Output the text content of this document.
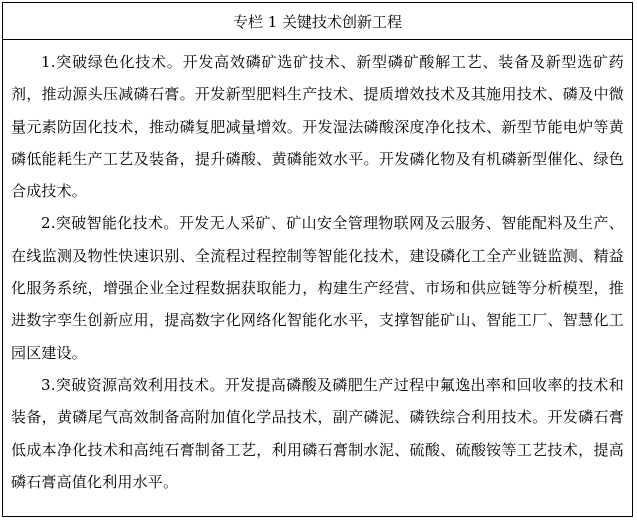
专栏 1 关键技术创新工程

1.突破绿色化技术。开发高效磷矿选矿技术、新型磷矿酸解工艺、装备及新型选矿药剂，推动源头压减磷石膏。开发新型肥料生产技术、提质增效技术及其施用技术、磷及中微量元素防固化技术，推动磷复肥减量增效。开发湿法磷酸深度净化技术、新型节能电炉等黄磷低能耗生产工艺及装备，提升磷酸、黄磷能效水平。开发磷化物及有机磷新型催化、绿色合成技术。

2.突破智能化技术。开发无人采矿、矿山安全管理物联网及云服务、智能配料及生产、在线监测及物性快速识别、全流程过程控制等智能化技术，建设磷化工全产业链监测、精益化服务系统，增强企业全过程数据获取能力，构建生产经营、市场和供应链等分析模型，推进数字孪生创新应用，提高数字化网络化智能化水平，支撑智能矿山、智能工厂、智慧化工园区建设。

3.突破资源高效利用技术。开发提高磷酸及磷肥生产过程中氟逸出率和回收率的技术和装备，黄磷尾气高效制备高附加值化学品技术，副产磷泥、磷铁综合利用技术。开发磷石膏低成本净化技术和高纯石膏制备工艺，利用磷石膏制水泥、硫酸、硫酸铵等工艺技术，提高磷石膏高值化利用水平。
